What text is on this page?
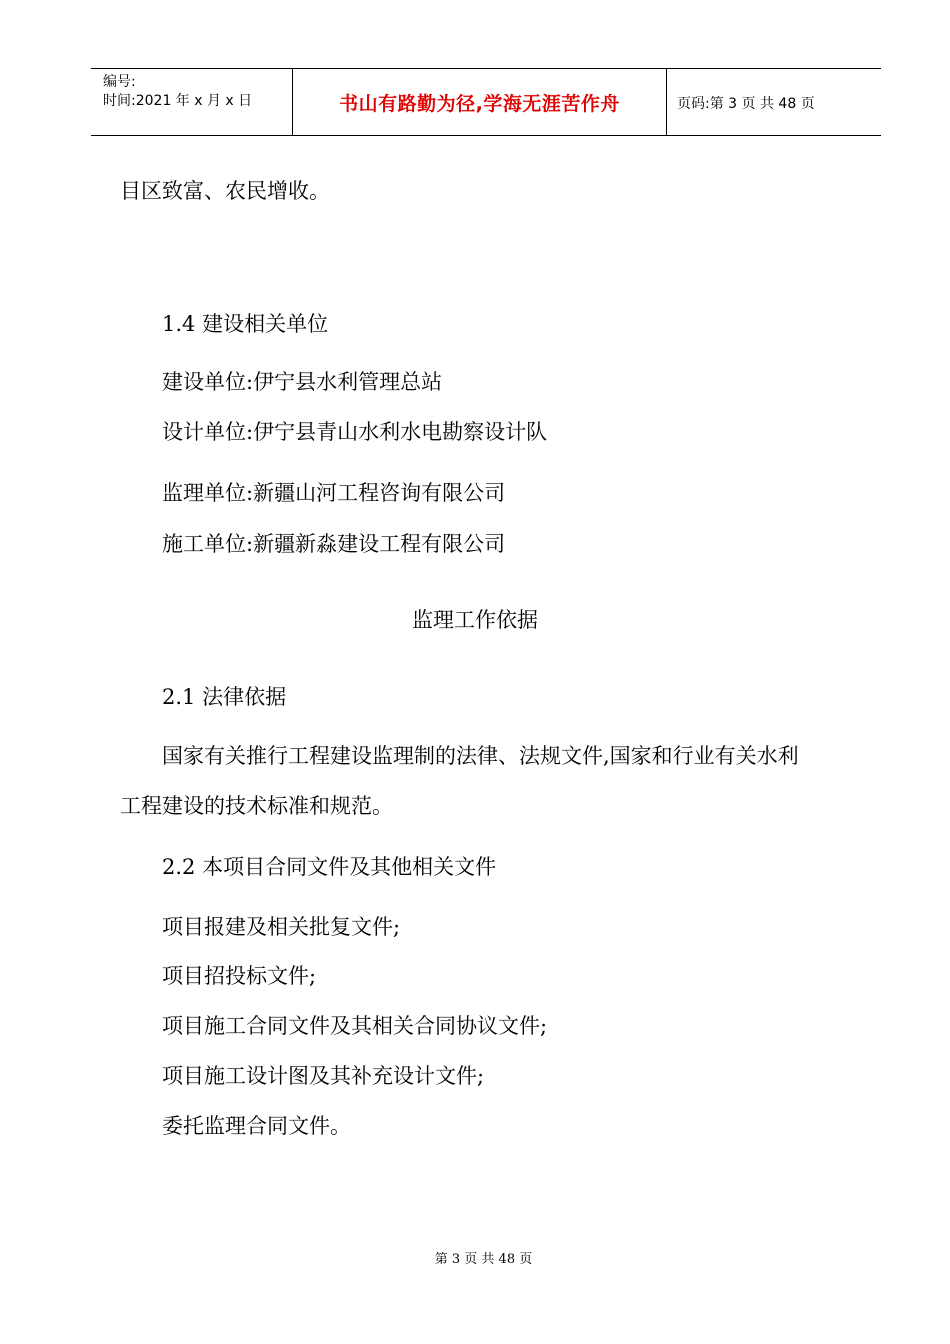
编号:
时间:2021 年 x 月 x 日	书山有路勤为径,学海无涯苦作舟	页码:第 3 页 共 48 页
目区致富、农民增收。
1.4 建设相关单位
建设单位:伊宁县水利管理总站
设计单位:伊宁县青山水利水电勘察设计队
监理单位:新疆山河工程咨询有限公司
施工单位:新疆新淼建设工程有限公司
监理工作依据
2.1 法律依据
国家有关推行工程建设监理制的法律、法规文件,国家和行业有关水利
工程建设的技术标准和规范。
2.2 本项目合同文件及其他相关文件
项目报建及相关批复文件;
项目招投标文件;
项目施工合同文件及其相关合同协议文件;
项目施工设计图及其补充设计文件;
委托监理合同文件。
第 3 页 共 48 页
